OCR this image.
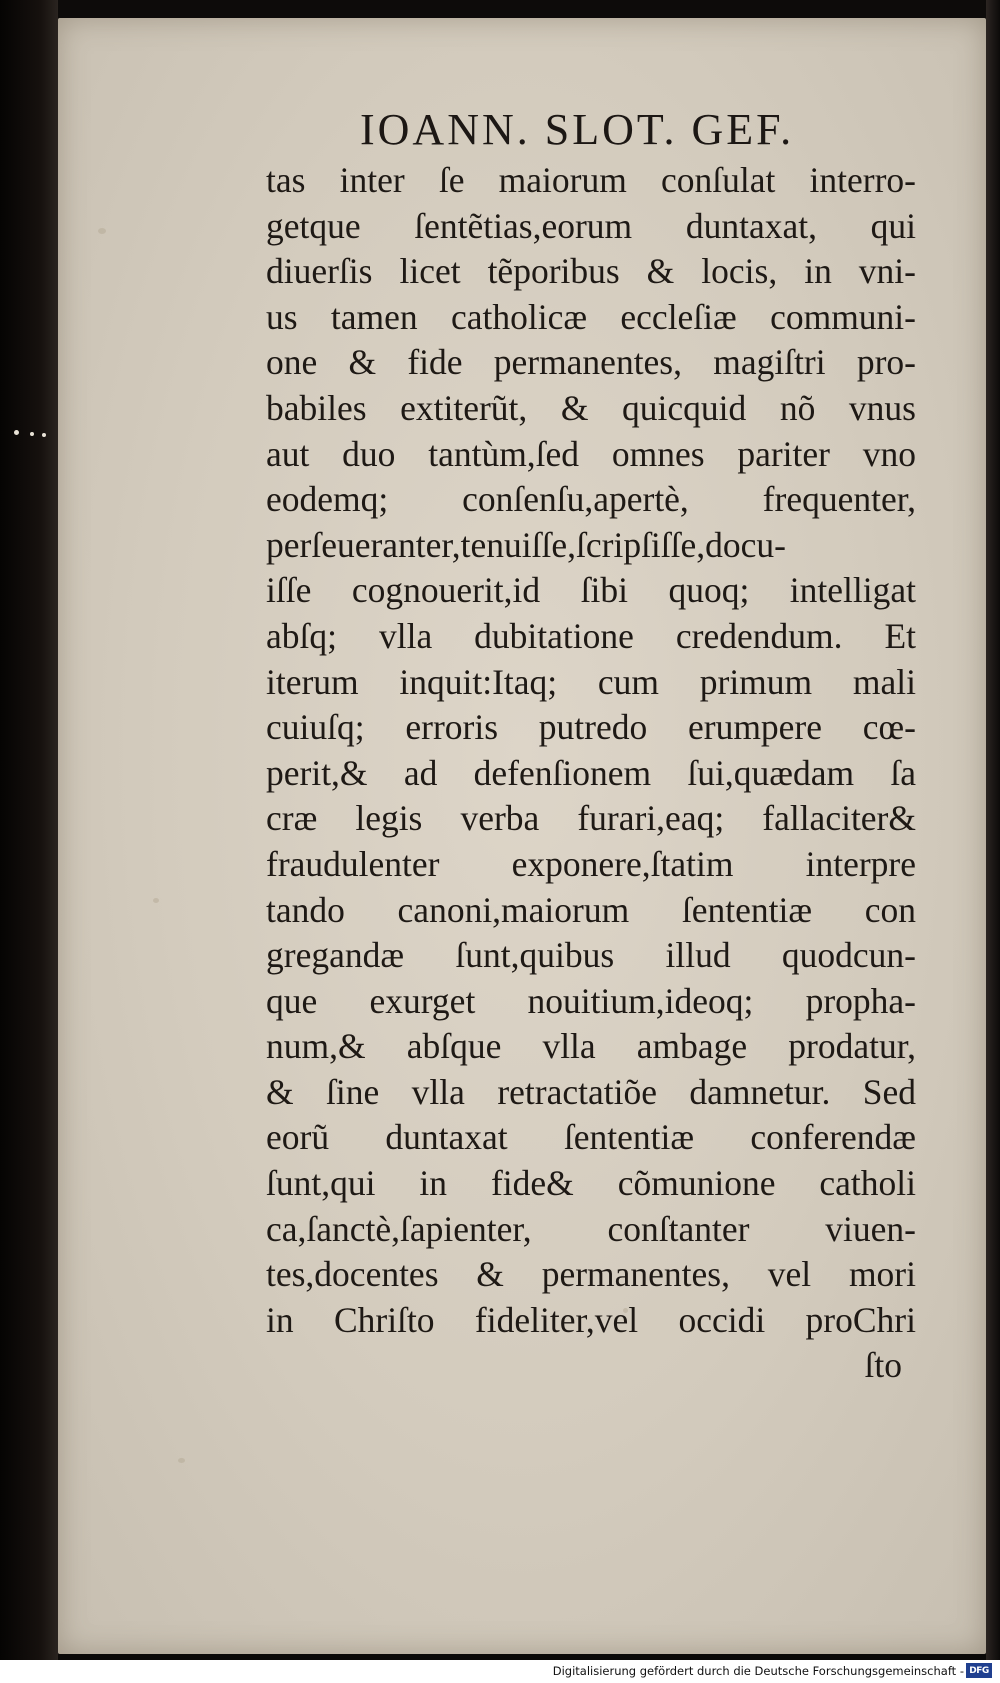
IOANN. SLOT. GEF.
tas inter ſe maiorum conſulat interro-
getque ſentẽtias,eorum duntaxat, qui
diuerſis licet tẽporibus & locis, in vni-
us tamen catholicæ eccleſiæ communi-
one & fide permanentes, magiſtri pro-
babiles extiterũt, & quicquid nõ vnus
aut duo tantùm,ſed omnes pariter vno
eodemq; conſenſu,apertè, frequenter,
perſeueranter,tenuiſſe,ſcripſiſſe,docu-
iſſe cognouerit,id ſibi quoq; intelligat
abſq; vlla dubitatione credendum. Et
iterum inquit:Itaq; cum primum mali
cuiuſq; erroris putredo erumpere cœ-
perit,& ad defenſionem ſui,quædam ſa
cræ legis verba furari,eaq; fallaciter&
fraudulenter exponere,ſtatim interpre
tando canoni,maiorum ſententiæ con
gregandæ ſunt,quibus illud quodcun-
que exurget nouitium,ideoq; propha-
num,& abſque vlla ambage prodatur,
& ſine vlla retractatiõe damnetur. Sed
eorũ duntaxat ſententiæ conferendæ
ſunt,qui in fide& cõmunione catholi
ca,ſanctè,ſapienter, conſtanter viuen-
tes,docentes & permanentes, vel mori
in Chriſto fideliter,vel occidi proChri
ſto
Digitalisierung gefördert durch die Deutsche Forschungsgemeinschaft - DFG
